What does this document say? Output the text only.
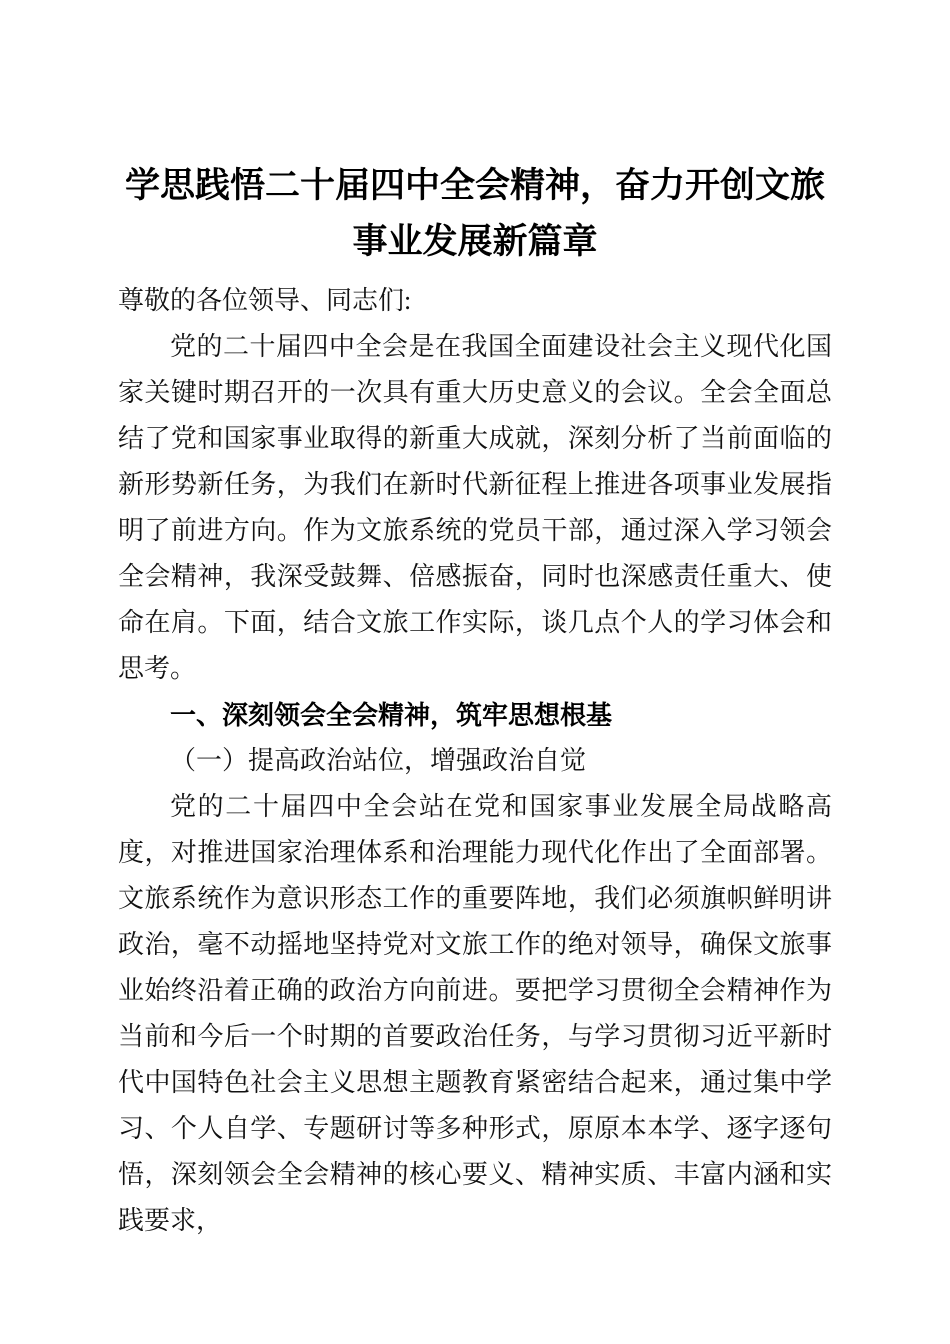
学思践悟二十届四中全会精神，奋力开创文旅事业发展新篇章

尊敬的各位领导、同志们:

党的二十届四中全会是在我国全面建设社会主义现代化国家关键时期召开的一次具有重大历史意义的会议。全会全面总结了党和国家事业取得的新重大成就，深刻分析了当前面临的新形势新任务，为我们在新时代新征程上推进各项事业发展指明了前进方向。作为文旅系统的党员干部，通过深入学习领会全会精神，我深受鼓舞、倍感振奋，同时也深感责任重大、使命在肩。下面，结合文旅工作实际，谈几点个人的学习体会和思考。

一、深刻领会全会精神，筑牢思想根基
（一）提高政治站位，增强政治自觉

党的二十届四中全会站在党和国家事业发展全局战略高度，对推进国家治理体系和治理能力现代化作出了全面部署。文旅系统作为意识形态工作的重要阵地，我们必须旗帜鲜明讲政治，毫不动摇地坚持党对文旅工作的绝对领导，确保文旅事业始终沿着正确的政治方向前进。要把学习贯彻全会精神作为当前和今后一个时期的首要政治任务，与学习贯彻习近平新时代中国特色社会主义思想主题教育紧密结合起来，通过集中学习、个人自学、专题研讨等多种形式，原原本本学、逐字逐句悟，深刻领会全会精神的核心要义、精神实质、丰富内涵和实践要求，
